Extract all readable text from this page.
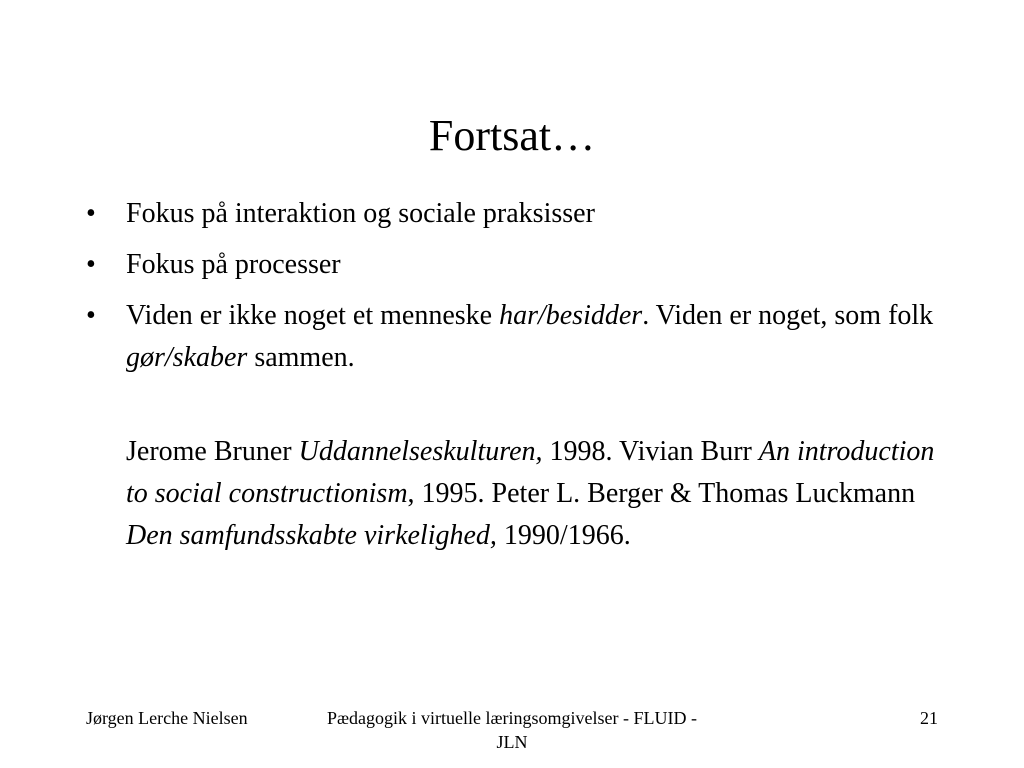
Fortsat…
• Fokus på interaktion og sociale praksisser
• Fokus på processer
• Viden er ikke noget et menneske har/besidder. Viden er noget, som folk gør/skaber sammen.

Jerome Bruner Uddannelseskulturen, 1998. Vivian Burr An introduction to social constructionism, 1995. Peter L. Berger & Thomas Luckmann Den samfundsskabte virkelighed, 1990/1966.

Jørgen Lerche Nielsen	Pædagogik i virtuelle læringsomgivelser - FLUID - JLN
21
